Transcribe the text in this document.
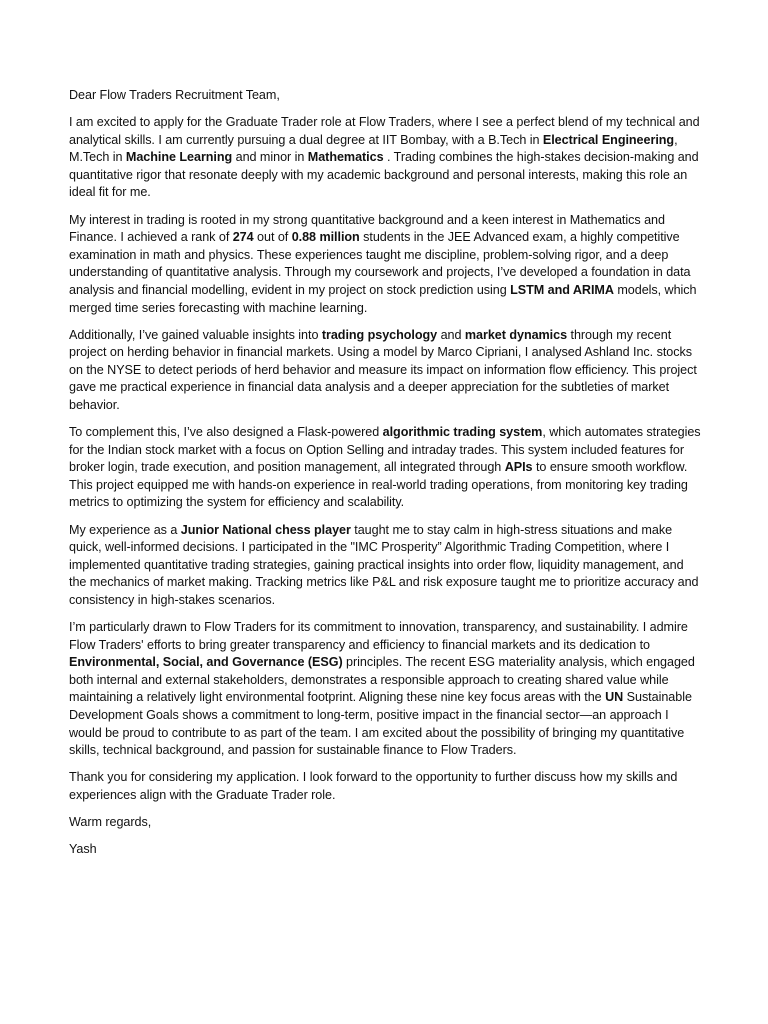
Dear Flow Traders Recruitment Team,

I am excited to apply for the Graduate Trader role at Flow Traders, where I see a perfect blend of my technical and analytical skills. I am currently pursuing a dual degree at IIT Bombay, with a B.Tech in Electrical Engineering, M.Tech in Machine Learning and minor in Mathematics . Trading combines the high-stakes decision-making and quantitative rigor that resonate deeply with my academic background and personal interests, making this role an ideal fit for me.

My interest in trading is rooted in my strong quantitative background and a keen interest in Mathematics and Finance. I achieved a rank of 274 out of 0.88 million students in the JEE Advanced exam, a highly competitive examination in math and physics. These experiences taught me discipline, problem-solving rigor, and a deep understanding of quantitative analysis. Through my coursework and projects, I’ve developed a foundation in data analysis and financial modelling, evident in my project on stock prediction using LSTM and ARIMA models, which merged time series forecasting with machine learning.

Additionally, I’ve gained valuable insights into trading psychology and market dynamics through my recent project on herding behavior in financial markets. Using a model by Marco Cipriani, I analysed Ashland Inc. stocks on the NYSE to detect periods of herd behavior and measure its impact on information flow efficiency. This project gave me practical experience in financial data analysis and a deeper appreciation for the subtleties of market behavior.

To complement this, I’ve also designed a Flask-powered algorithmic trading system, which automates strategies for the Indian stock market with a focus on Option Selling and intraday trades. This system included features for broker login, trade execution, and position management, all integrated through APIs to ensure smooth workflow. This project equipped me with hands-on experience in real-world trading operations, from monitoring key trading metrics to optimizing the system for efficiency and scalability.

My experience as a Junior National chess player taught me to stay calm in high-stress situations and make quick, well-informed decisions. I participated in the "IMC Prosperity” Algorithmic Trading Competition, where I implemented quantitative trading strategies, gaining practical insights into order flow, liquidity management, and the mechanics of market making. Tracking metrics like P&L and risk exposure taught me to prioritize accuracy and consistency in high-stakes scenarios.

I’m particularly drawn to Flow Traders for its commitment to innovation, transparency, and sustainability. I admire Flow Traders' efforts to bring greater transparency and efficiency to financial markets and its dedication to Environmental, Social, and Governance (ESG) principles. The recent ESG materiality analysis, which engaged both internal and external stakeholders, demonstrates a responsible approach to creating shared value while maintaining a relatively light environmental footprint. Aligning these nine key focus areas with the UN Sustainable Development Goals shows a commitment to long-term, positive impact in the financial sector—an approach I would be proud to contribute to as part of the team. I am excited about the possibility of bringing my quantitative skills, technical background, and passion for sustainable finance to Flow Traders.

Thank you for considering my application. I look forward to the opportunity to further discuss how my skills and experiences align with the Graduate Trader role.

Warm regards,

Yash
